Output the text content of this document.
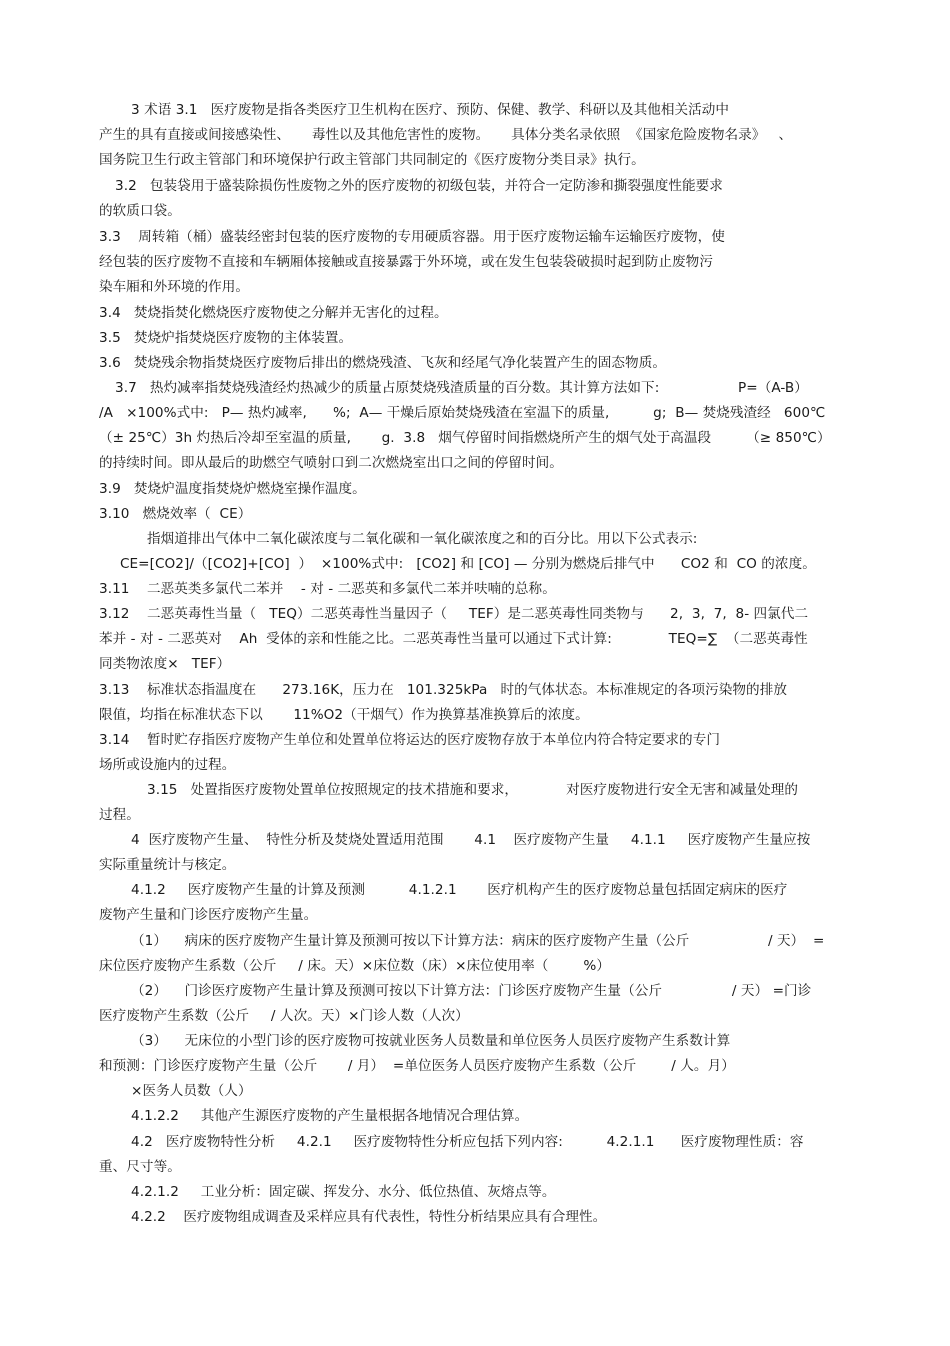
3 术语 3.1   医疗废物是指各类医疗卫生机构在医疗、预防、保健、教学、科研以及其他相关活动中
产生的具有直接或间接感染性、     毒性以及其他危害性的废物。     具体分类名录依照  《国家危险废物名录》   、
国务院卫生行政主管部门和环境保护行政主管部门共同制定的《医疗废物分类目录》执行。
3.2   包装袋用于盛装除损伤性废物之外的医疗废物的初级包装，并符合一定防渗和撕裂强度性能要求
的软质口袋。
3.3    周转箱（桶）盛装经密封包装的医疗废物的专用硬质容器。用于医疗废物运输车运输医疗废物，使
经包装的医疗废物不直接和车辆厢体接触或直接暴露于外环境，或在发生包装袋破损时起到防止废物污
染车厢和外环境的作用。
3.4   焚烧指焚化燃烧医疗废物使之分解并无害化的过程。
3.5   焚烧炉指焚烧医疗废物的主体装置。
3.6   焚烧残余物指焚烧医疗废物后排出的燃烧残渣、飞灰和经尾气净化装置产生的固态物质。
3.7   热灼减率指焚烧残渣经灼热减少的质量占原焚烧残渣质量的百分数。其计算方法如下:                  P=（A-B）
/A   ×100%式中:   P— 热灼减率,      %;  A— 干燥后原始焚烧残渣在室温下的质量,          g;  B— 焚烧残渣经   600℃
（± 25℃）3h 灼热后冷却至室温的质量,       g.  3.8   烟气停留时间指燃烧所产生的烟气处于高温段        （≥ 850℃）
的持续时间。即从最后的助燃空气喷射口到二次燃烧室出口之间的停留时间。
3.9   焚烧炉温度指焚烧炉燃烧室操作温度。
3.10   燃烧效率（  CE）
指烟道排出气体中二氧化碳浓度与二氧化碳和一氧化碳浓度之和的百分比。用以下公式表示:
CE=[CO2]/（[CO2]+[CO]  ）  ×100%式中:   [CO2] 和 [CO] — 分别为燃烧后排气中      CO2 和  CO 的浓度。
3.11    二恶英类多氯代二苯并    - 对 - 二恶英和多氯代二苯并呋喃的总称。
3.12    二恶英毒性当量（   TEQ）二恶英毒性当量因子（     TEF）是二恶英毒性同类物与      2,  3,  7,  8- 四氯代二
苯并 - 对 - 二恶英对    Ah  受体的亲和性能之比。二恶英毒性当量可以通过下式计算:             TEQ=∑  （二恶英毒性
同类物浓度×   TEF）
3.13    标准状态指温度在      273.16K，压力在   101.325kPa   时的气体状态。本标准规定的各项污染物的排放
限值，均指在标准状态下以       11%O2（干烟气）作为换算基准换算后的浓度。
3.14    暂时贮存指医疗废物产生单位和处置单位将运达的医疗废物存放于本单位内符合特定要求的专门
场所或设施内的过程。
3.15   处置指医疗废物处置单位按照规定的技术措施和要求，           对医疗废物进行安全无害和减量处理的
过程。
4  医疗废物产生量、  特性分析及焚烧处置适用范围       4.1    医疗废物产生量     4.1.1     医疗废物产生量应按
实际重量统计与核定。
4.1.2     医疗废物产生量的计算及预测          4.1.2.1       医疗机构产生的医疗废物总量包括固定病床的医疗
废物产生量和门诊医疗废物产生量。
（1）    病床的医疗废物产生量计算及预测可按以下计算方法：病床的医疗废物产生量（公斤                  / 天）  =
床位医疗废物产生系数（公斤     / 床。天）×床位数（床）×床位使用率（        %）
（2）    门诊医疗废物产生量计算及预测可按以下计算方法：门诊医疗废物产生量（公斤                / 天） =门诊
医疗废物产生系数（公斤     / 人次。天）×门诊人数（人次）
（3）    无床位的小型门诊的医疗废物可按就业医务人员数量和单位医务人员医疗废物产生系数计算
和预测：门诊医疗废物产生量（公斤       / 月）  =单位医务人员医疗废物产生系数（公斤        / 人。月）
×医务人员数（人）
4.1.2.2     其他产生源医疗废物的产生量根据各地情况合理估算。
4.2   医疗废物特性分析     4.2.1     医疗废物特性分析应包括下列内容:          4.2.1.1      医疗废物理性质：容
重、尺寸等。
4.2.1.2     工业分析：固定碳、挥发分、水分、低位热值、灰熔点等。
4.2.2    医疗废物组成调查及采样应具有代表性，特性分析结果应具有合理性。
